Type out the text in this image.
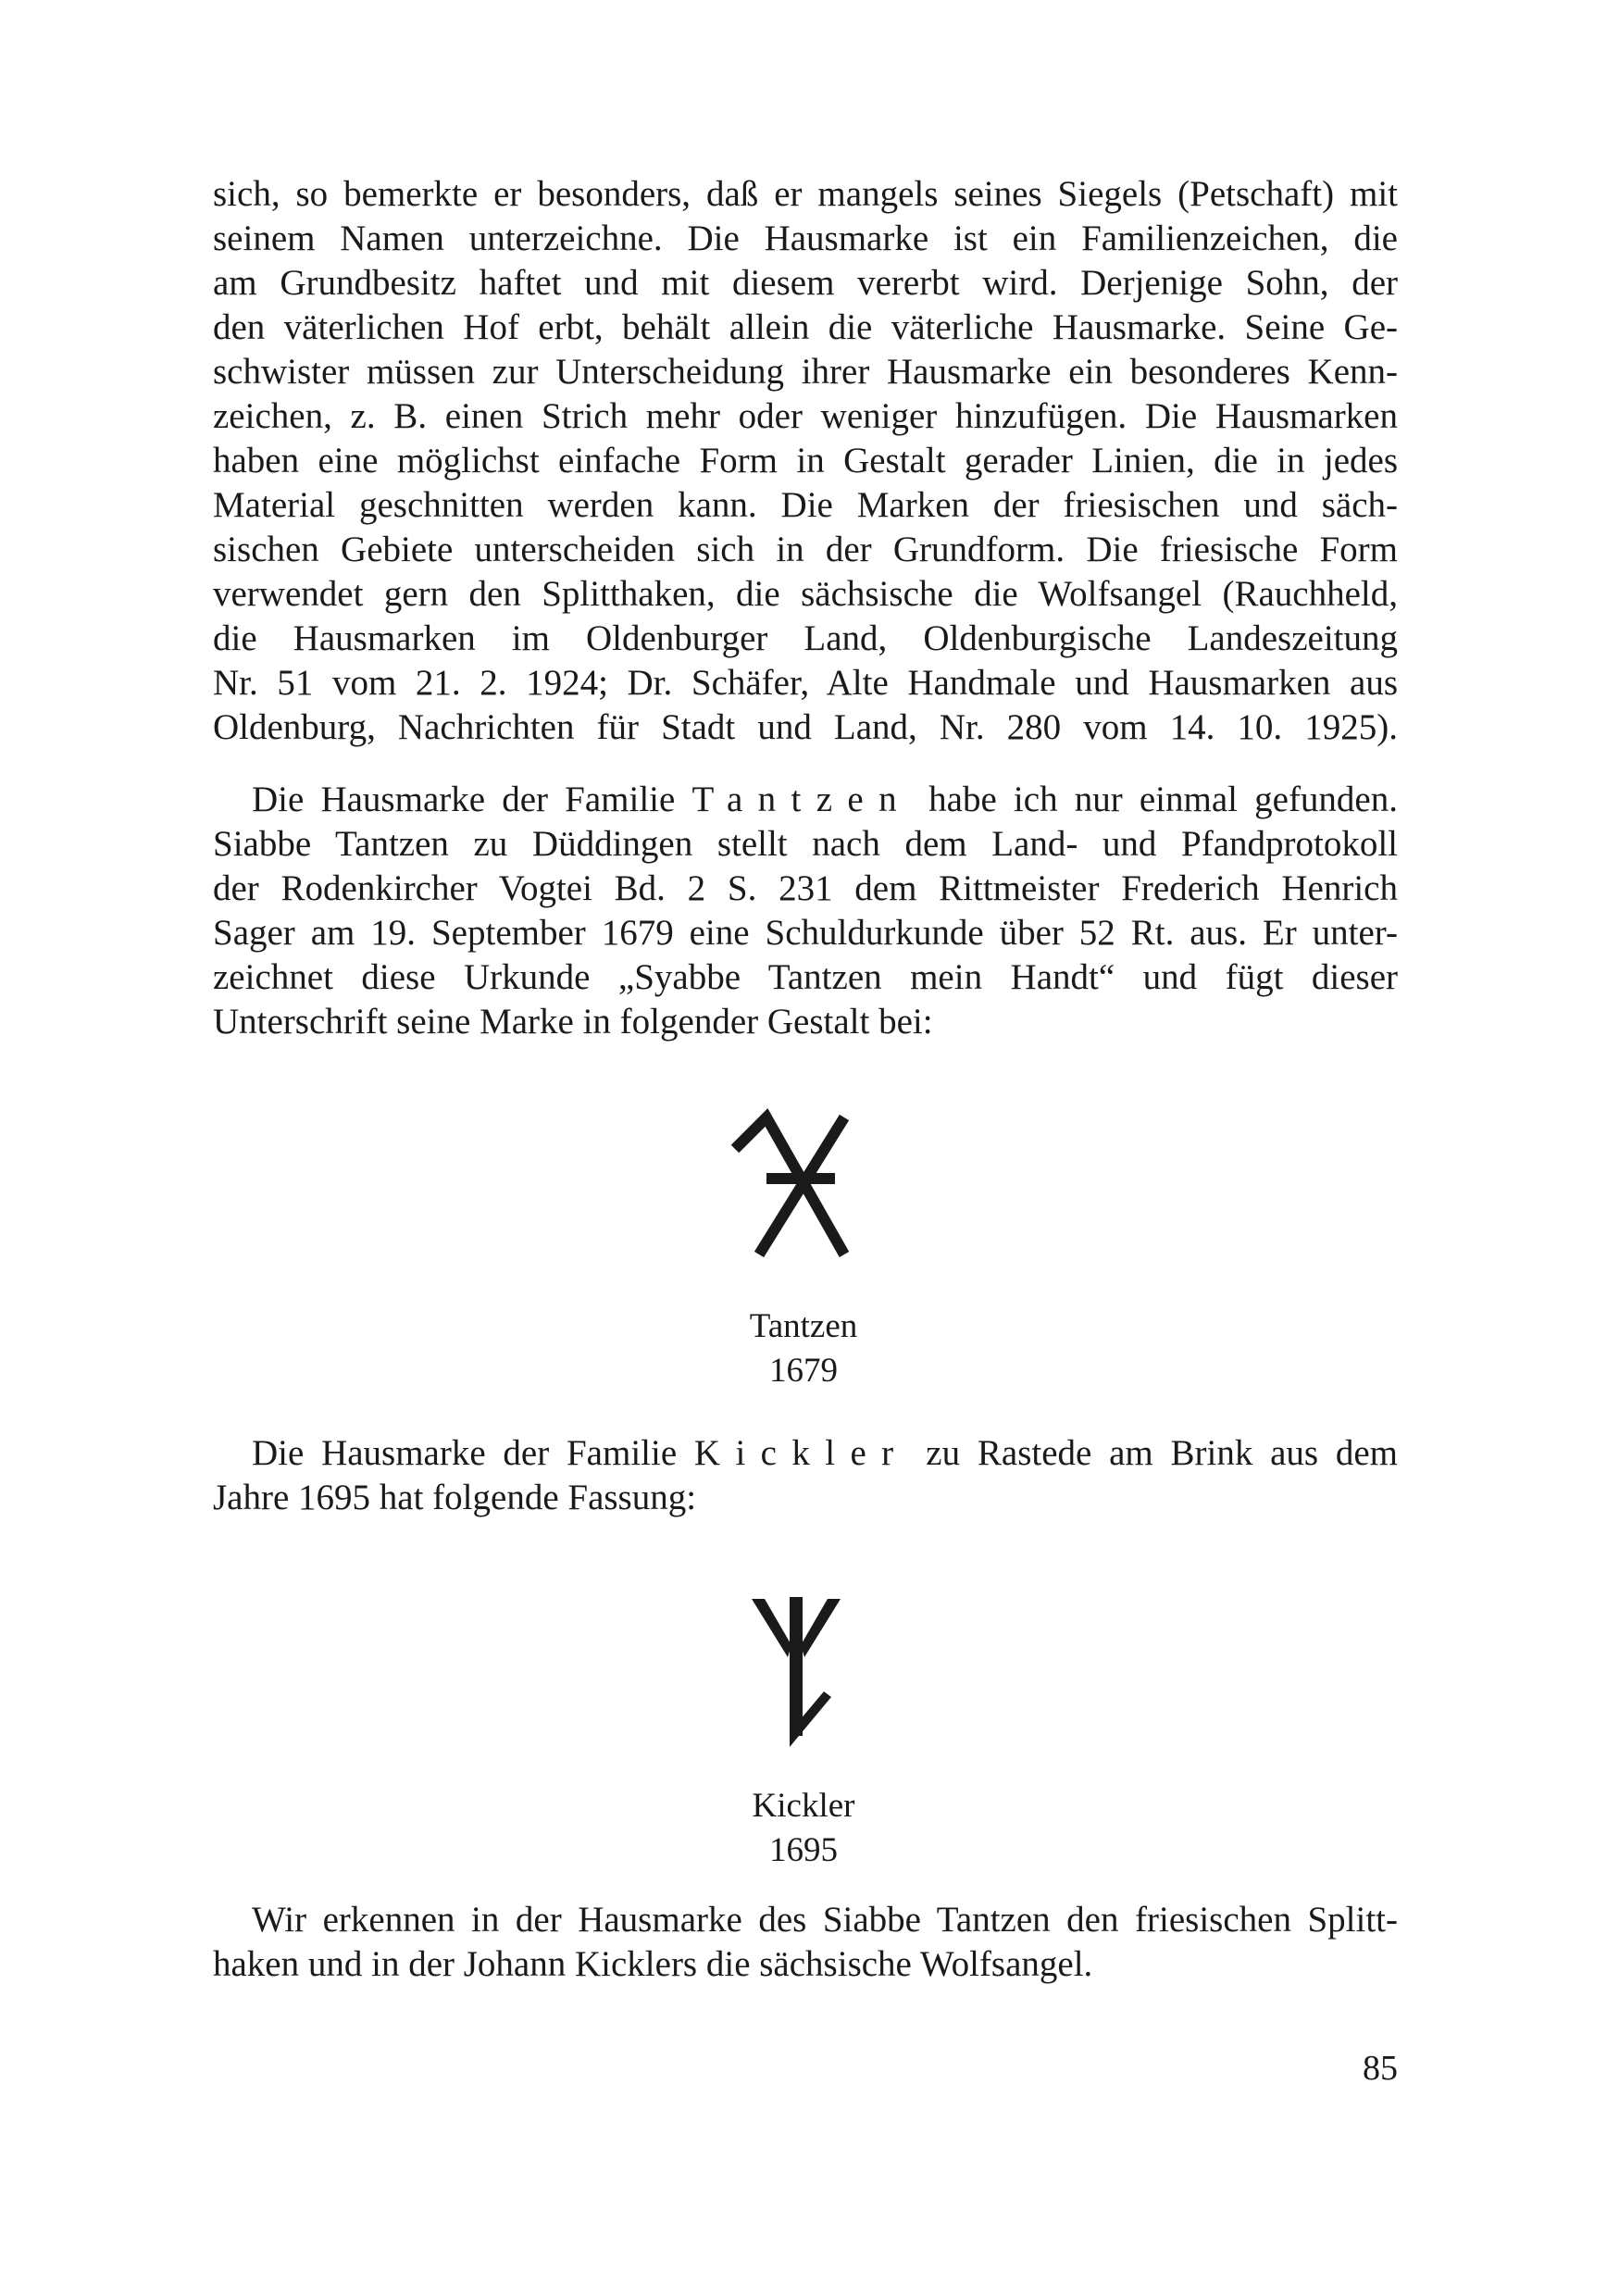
sich, so bemerkte er besonders, daß er mangels seines Siegels (Petschaft) mit
seinem Namen unterzeichne. Die Hausmarke ist ein Familienzeichen, die
am Grundbesitz haftet und mit diesem vererbt wird. Derjenige Sohn, der
den väterlichen Hof erbt, behält allein die väterliche Hausmarke. Seine Ge-
schwister müssen zur Unterscheidung ihrer Hausmarke ein besonderes Kenn-
zeichen, z. B. einen Strich mehr oder weniger hinzufügen. Die Hausmarken
haben eine möglichst einfache Form in Gestalt gerader Linien, die in jedes
Material geschnitten werden kann. Die Marken der friesischen und säch-
sischen Gebiete unterscheiden sich in der Grundform. Die friesische Form
verwendet gern den Splitthaken, die sächsische die Wolfsangel (Rauchheld,
die Hausmarken im Oldenburger Land, Oldenburgische Landeszeitung
Nr. 51 vom 21. 2. 1924; Dr. Schäfer, Alte Handmale und Hausmarken aus
Oldenburg, Nachrichten für Stadt und Land, Nr. 280 vom 14. 10. 1925).
Die Hausmarke der Familie Tantzen habe ich nur einmal gefunden.
Siabbe Tantzen zu Düddingen stellt nach dem Land- und Pfandprotokoll
der Rodenkircher Vogtei Bd. 2 S. 231 dem Rittmeister Frederich Henrich
Sager am 19. September 1679 eine Schuldurkunde über 52 Rt. aus. Er unter-
zeichnet diese Urkunde „Syabbe Tantzen mein Handt“ und fügt dieser
Unterschrift seine Marke in folgender Gestalt bei:
Tantzen
1679
Die Hausmarke der Familie Kickler zu Rastede am Brink aus dem
Jahre 1695 hat folgende Fassung:
Kickler
1695
Wir erkennen in der Hausmarke des Siabbe Tantzen den friesischen Splitt-
haken und in der Johann Kicklers die sächsische Wolfsangel.
85
